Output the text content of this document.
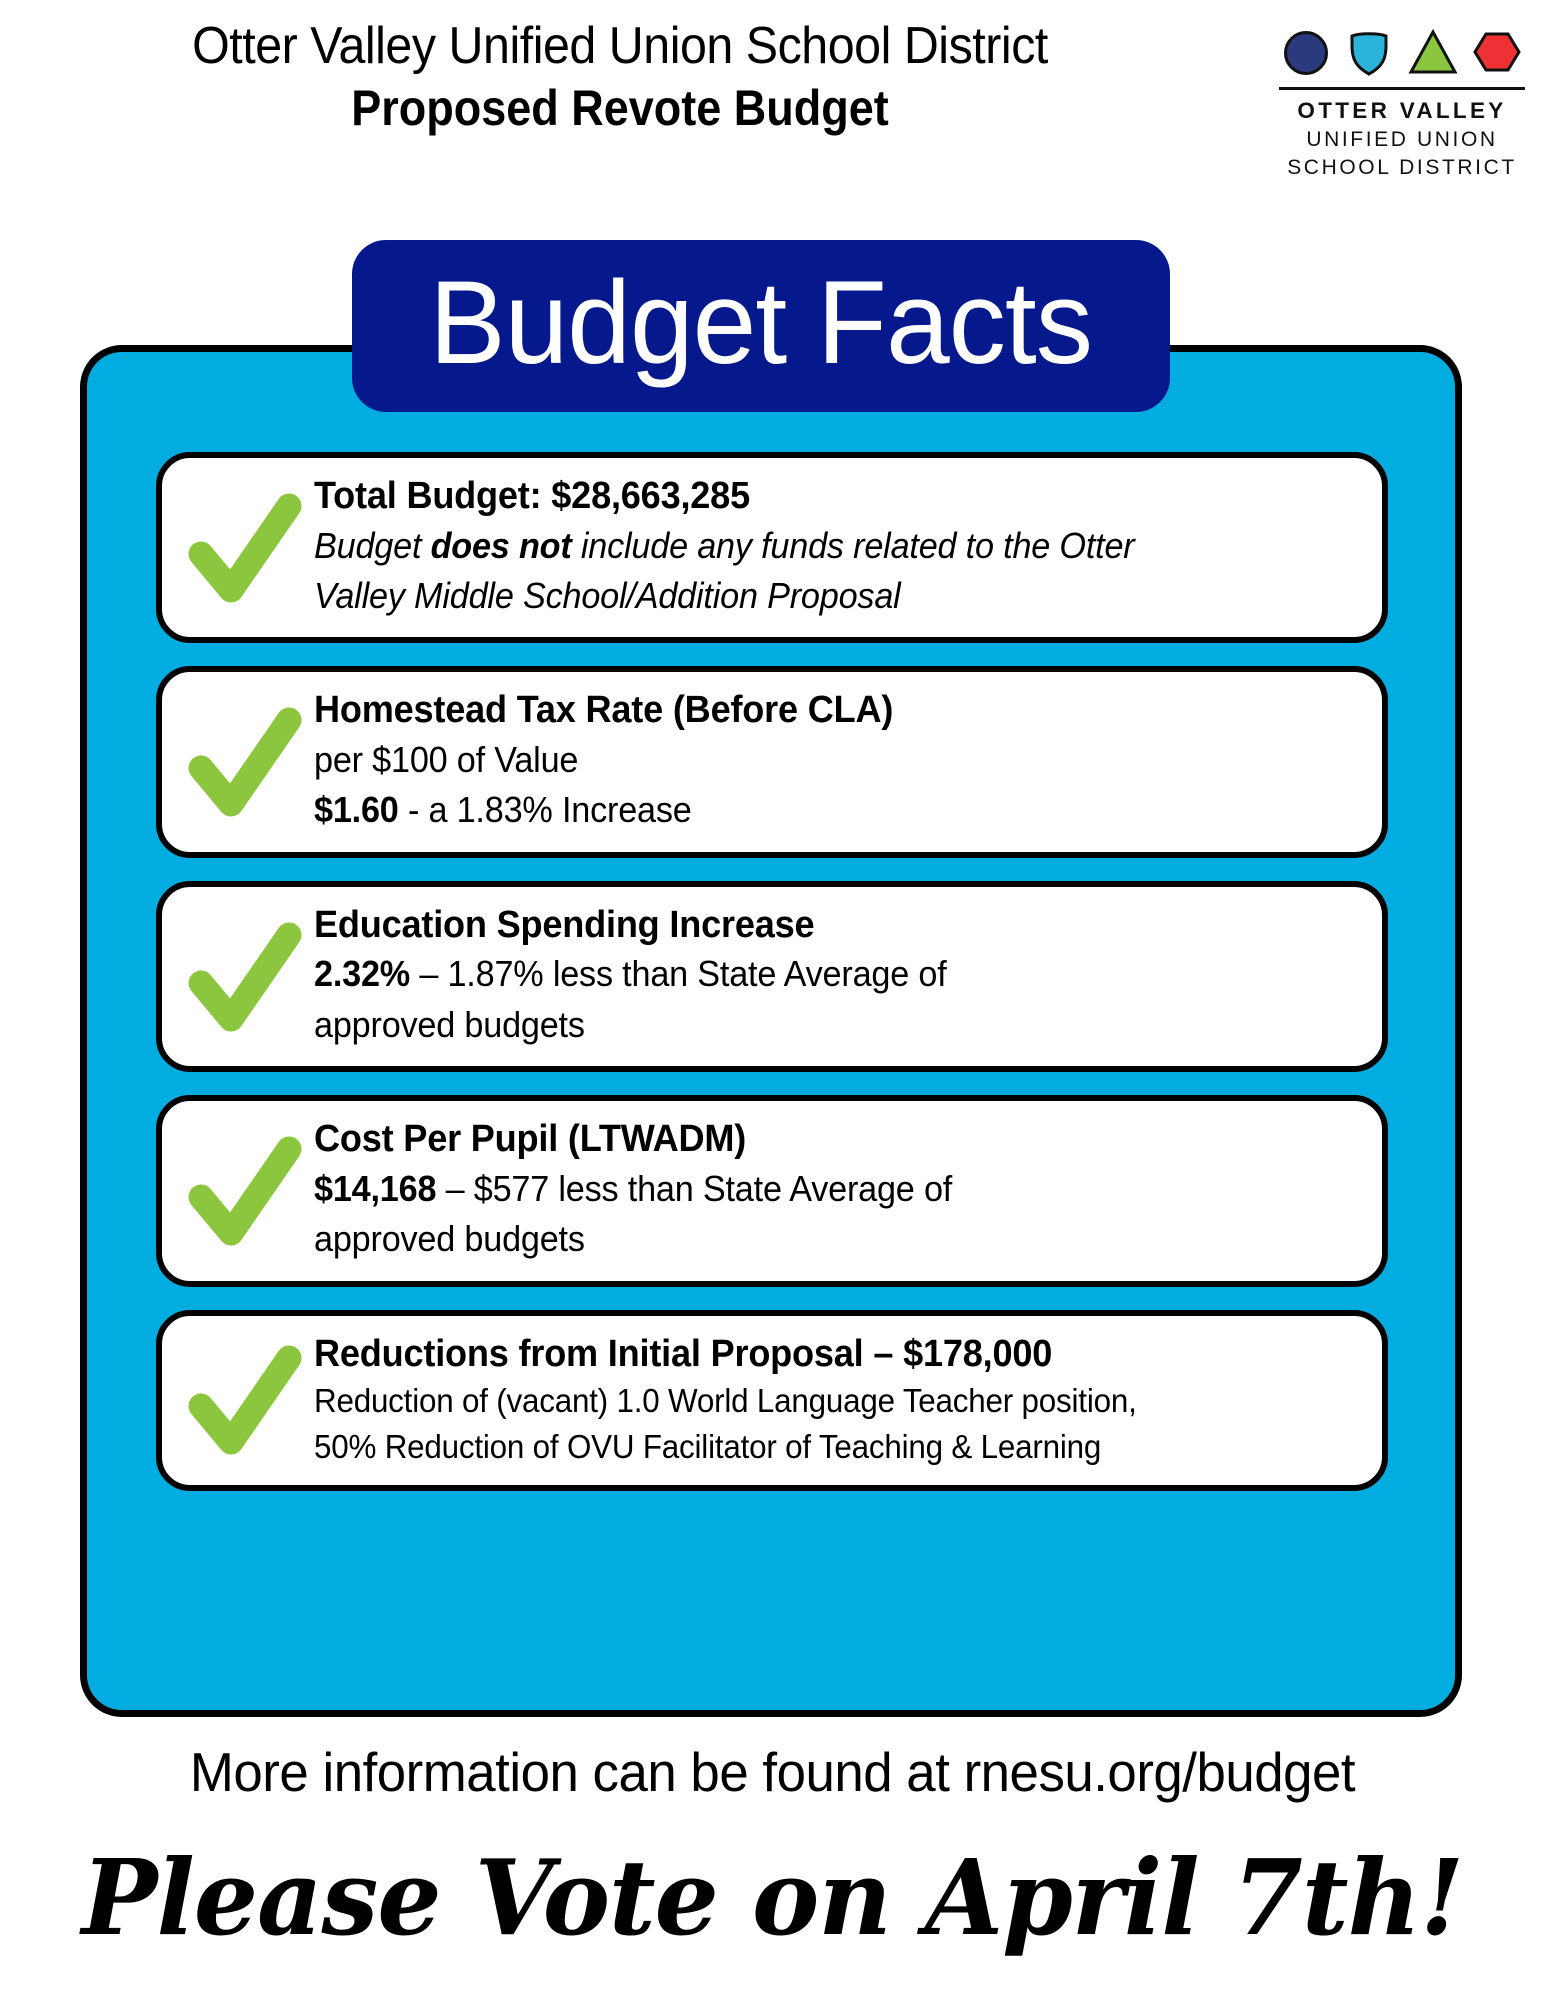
Otter Valley Unified Union School District
Proposed Revote Budget	OTTER VALLEY
UNIFIED UNION
SCHOOL DISTRICT
Budget Facts
Total Budget: $28,663,285
Budget does not include any funds related to the Otter
Valley Middle School/Addition Proposal
Homestead Tax Rate (Before CLA)
per $100 of Value
$1.60 - a 1.83% Increase
Education Spending Increase
2.32% – 1.87% less than State Average of
approved budgets
Cost Per Pupil (LTWADM)
$14,168 – $577 less than State Average of
approved budgets
Reductions from Initial Proposal – $178,000
Reduction of (vacant) 1.0 World Language Teacher position,
50% Reduction of OVU Facilitator of Teaching & Learning
More information can be found at rnesu.org/budget
Please Vote on April 7th!
